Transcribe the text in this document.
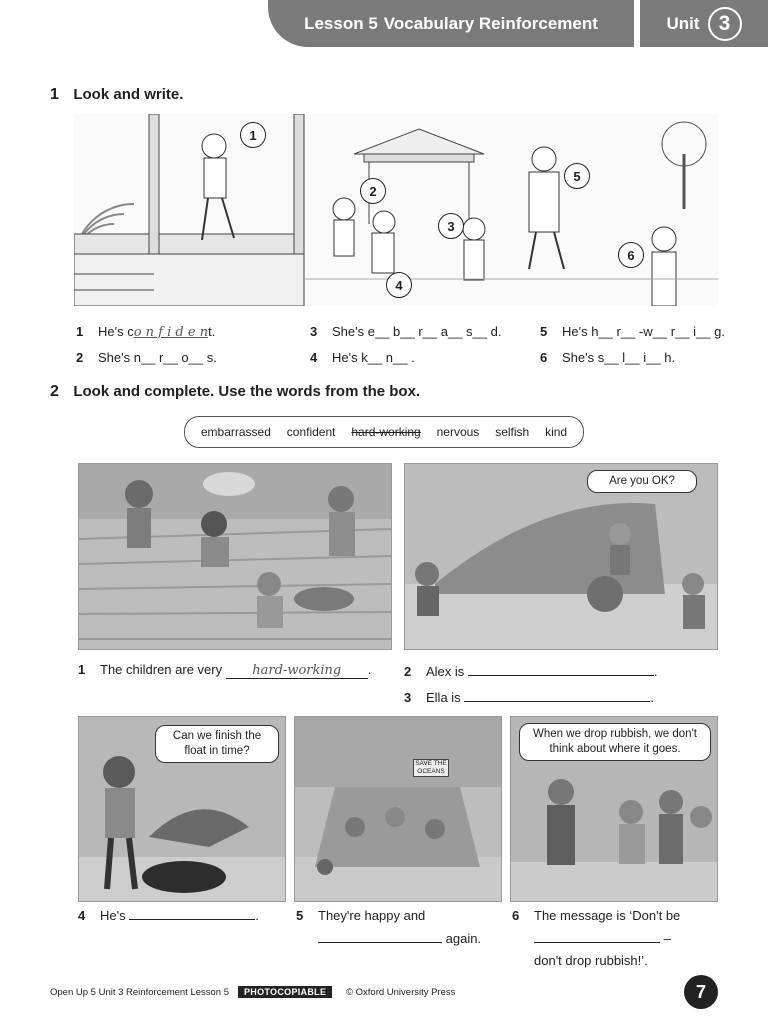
Lesson 5 Vocabulary Reinforcement	Unit 3
1 Look and write.
1
2
3
4
5
6
1 He's co n f i d e nt.
2 She's n__ r__ o__ s.
3 She's e__ b__ r__ a__ s__ d.
4 He's k__ n__ .
5 He's h__ r__ -w__ r__ i__ g.
6 She's s__ l__ i__ h.
2 Look and complete. Use the words from the box.
embarrassed confident hard-working nervous selfish kind
Are you OK?
1 The children are very hard-working .	2 Alex is	.
3 Ella is	.
Can we finish the float in time?
SAVE THE OCEANS
When we drop rubbish, we don't think about where it goes.
4 He's	.	5 They're happy and
again.
6 The message is ‘Don't be
–
don't drop rubbish!’.
Open Up 5 Unit 3 Reinforcement Lesson 5	PHOTOCOPIABLE	© Oxford University Press	7
